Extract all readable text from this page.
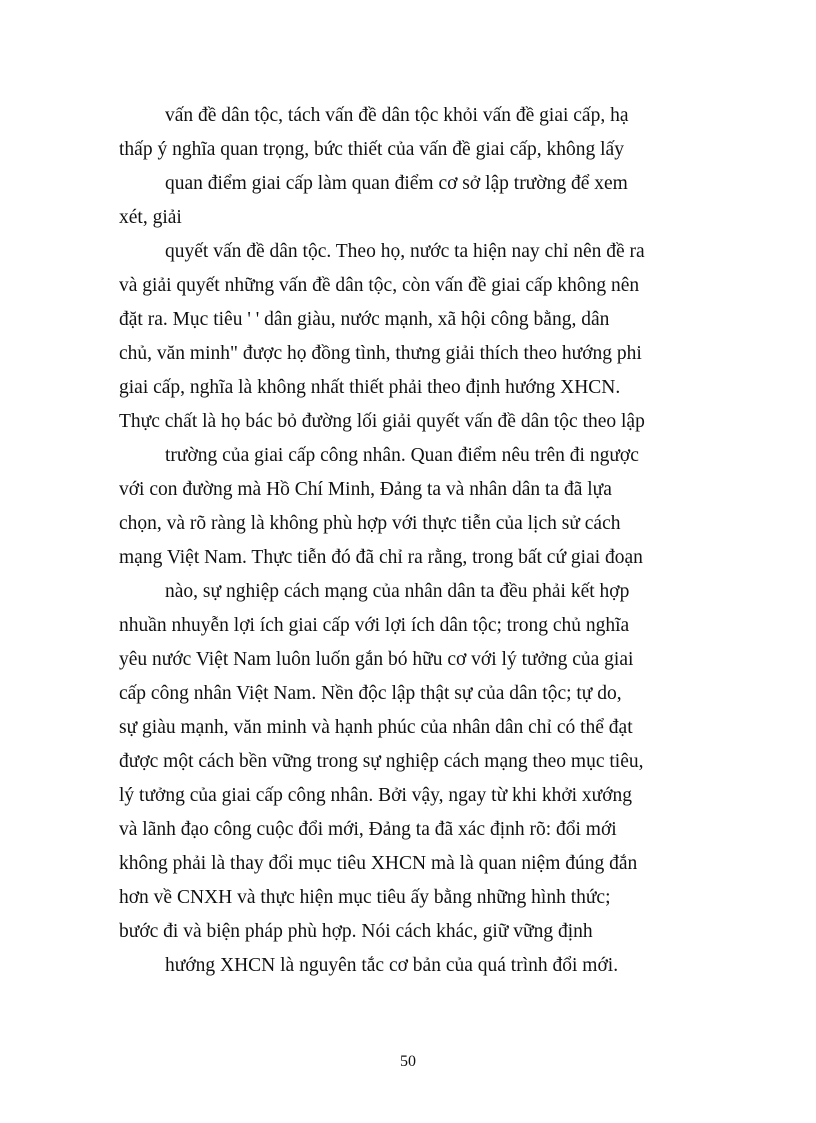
vấn đề dân tộc, tách vấn đề dân tộc khỏi vấn đề giai cấp, hạ
thấp ý nghĩa quan trọng, bức thiết của vấn đề giai cấp, không lấy
quan điểm giai cấp làm quan điểm cơ sở lập trường để xem
xét, giải
quyết vấn đề dân tộc. Theo họ, nước ta hiện nay chỉ nên đề ra
và giải quyết những vấn đề dân tộc, còn vấn đề giai cấp không nên
đặt ra. Mục tiêu ' ' dân giàu, nước mạnh, xã hội công bằng, dân
chủ, văn minh" được họ đồng tình, thưng giải thích theo hướng phi
giai cấp, nghĩa là không nhất thiết phải theo định hướng XHCN.
Thực chất là họ bác bỏ đường lối giải quyết vấn đề dân tộc theo lập
trường của giai cấp công nhân. Quan điểm nêu trên đi ngược
với con đường mà Hồ Chí Minh, Đảng ta và nhân dân ta đã lựa
chọn, và rõ ràng là không phù hợp với thực tiễn của lịch sử cách
mạng Việt Nam. Thực tiễn đó đã chỉ ra rằng, trong bất cứ giai đoạn
nào, sự nghiệp cách mạng của nhân dân ta đều phải kết hợp
nhuần nhuyễn lợi ích giai cấp với lợi ích dân tộc; trong chủ nghĩa
yêu nước Việt Nam luôn luốn gắn bó hữu cơ với lý tưởng của giai
cấp công nhân Việt Nam. Nền độc lập thật sự của dân tộc; tự do,
sự giàu mạnh, văn minh và hạnh phúc của nhân dân chỉ có thể đạt
được một cách bền vững trong sự nghiệp cách mạng theo mục tiêu,
lý tưởng của giai cấp công nhân. Bởi vậy, ngay từ khi khởi xướng
và lãnh đạo công cuộc đổi mới, Đảng ta đã xác định rõ: đổi mới
không phải là thay đổi mục tiêu XHCN mà là quan niệm đúng đắn
hơn về CNXH và thực hiện mục tiêu ấy bằng những hình thức;
bước đi và biện pháp phù hợp. Nói cách khác, giữ vững định
hướng XHCN là nguyên tắc cơ bản của quá trình đổi mới.
50
